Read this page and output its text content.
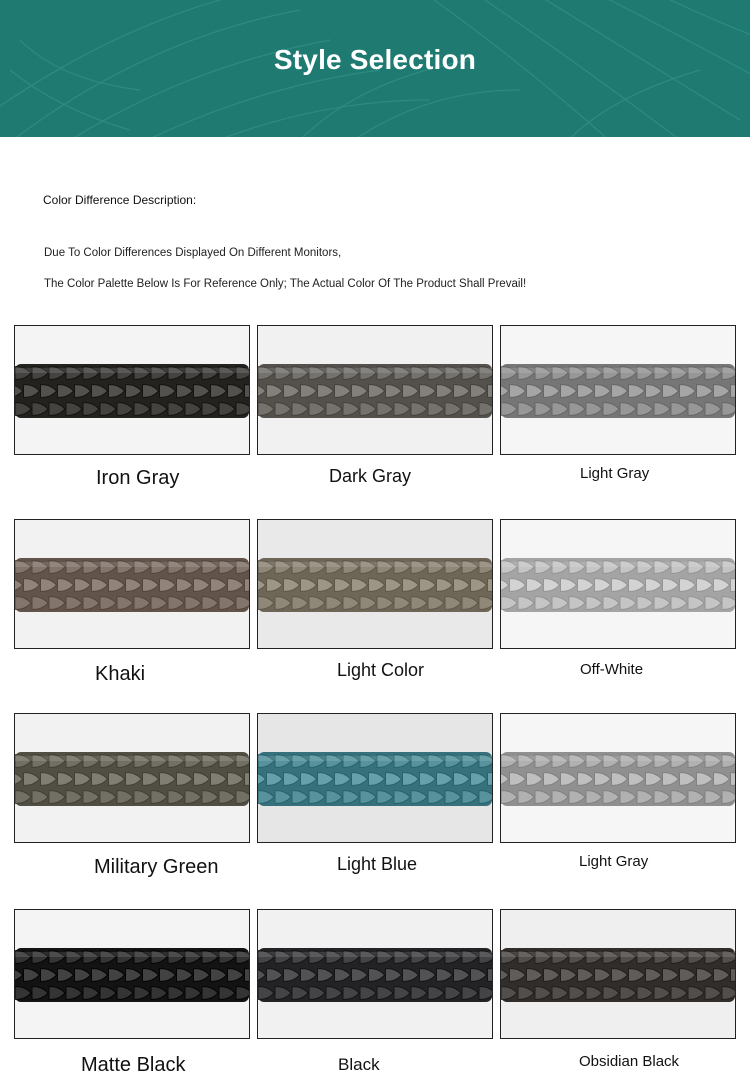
Style Selection
Color Difference Description:
Due To Color Differences Displayed On Different Monitors,
The Color Palette Below Is For Reference Only; The Actual Color Of The Product Shall Prevail!
Iron Gray	Dark Gray	Light Gray
Khaki	Light Color	Off-White
Military Green	Light Blue	Light Gray
Matte Black	Black	Obsidian Black
